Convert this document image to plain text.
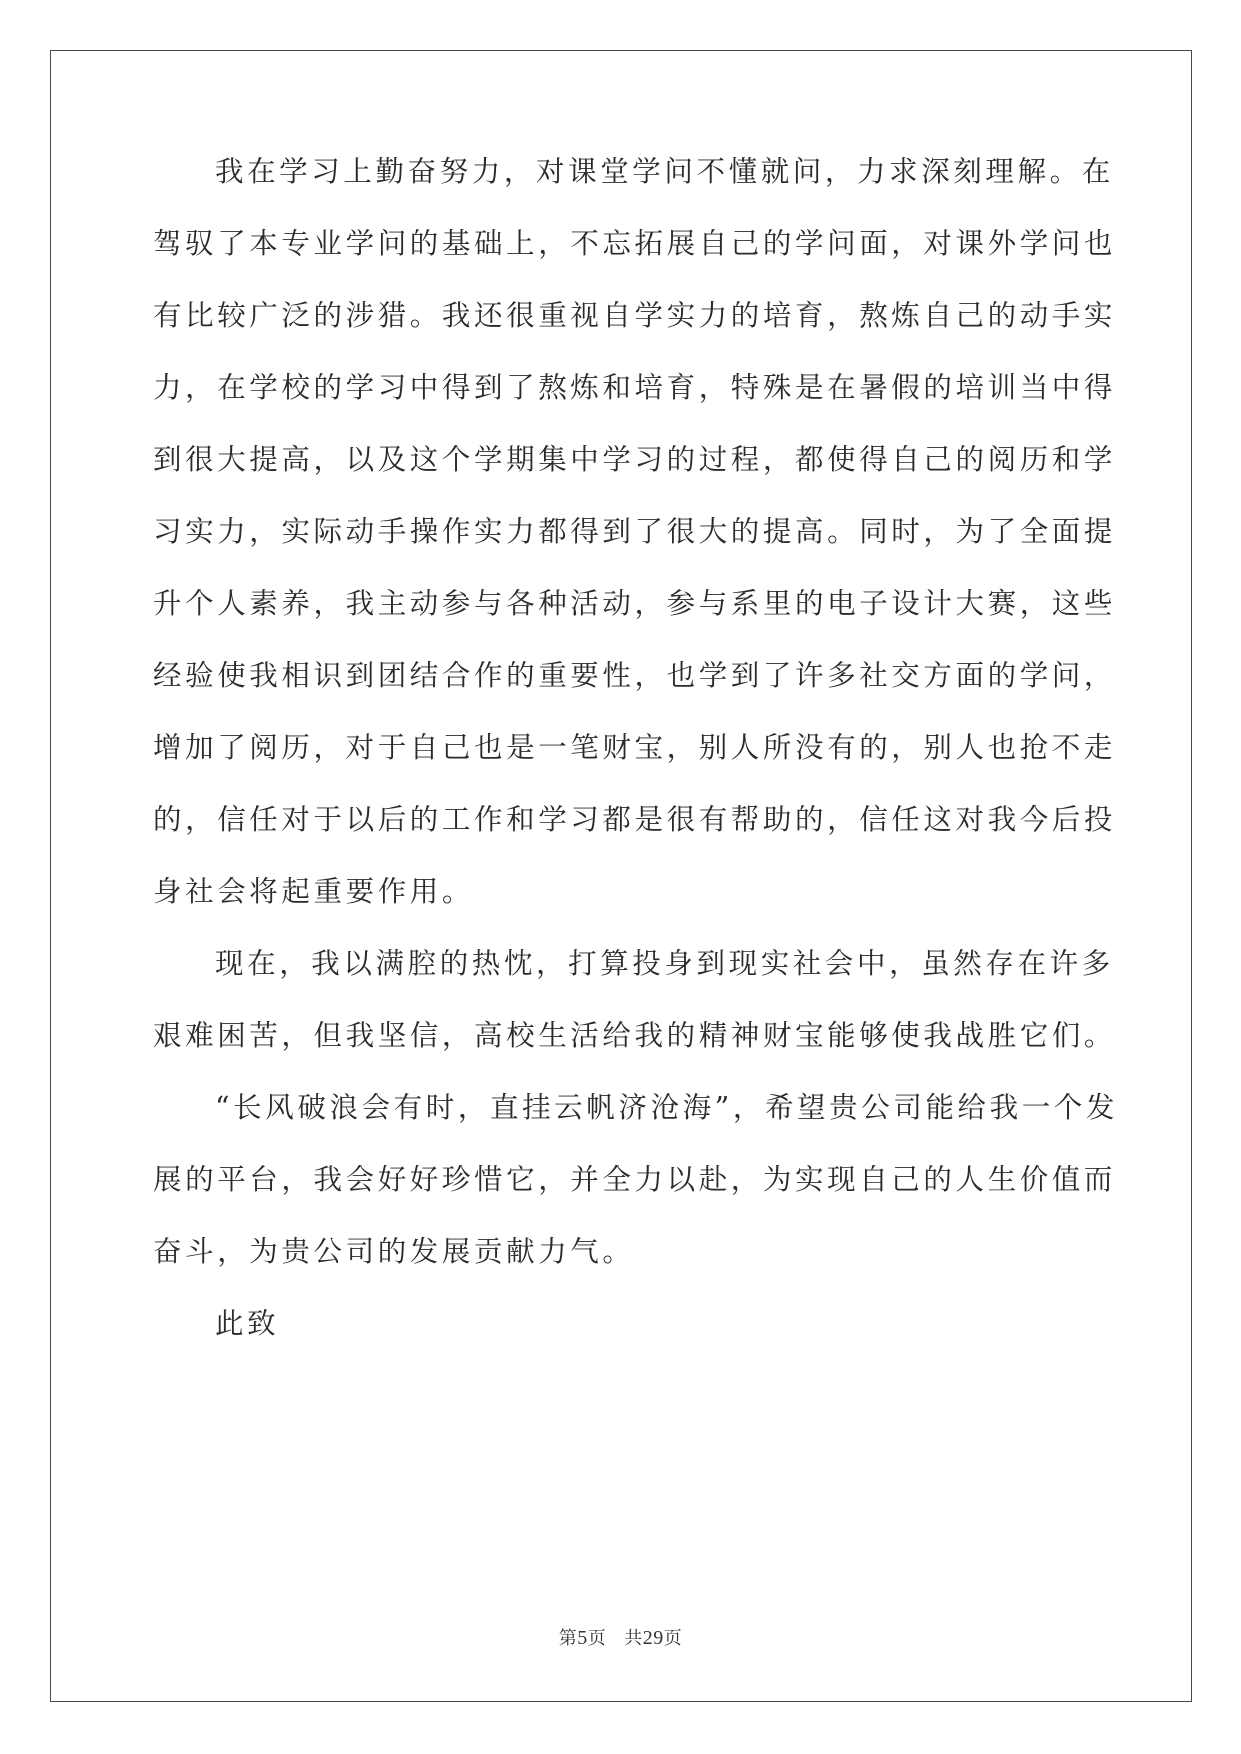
我在学习上勤奋努力，对课堂学问不懂就问，力求深刻理解。在
驾驭了本专业学问的基础上，不忘拓展自己的学问面，对课外学问也
有比较广泛的涉猎。我还很重视自学实力的培育，熬炼自己的动手实
力，在学校的学习中得到了熬炼和培育，特殊是在暑假的培训当中得
到很大提高，以及这个学期集中学习的过程，都使得自己的阅历和学
习实力，实际动手操作实力都得到了很大的提高。同时，为了全面提
升个人素养，我主动参与各种活动，参与系里的电子设计大赛，这些
经验使我相识到团结合作的重要性，也学到了许多社交方面的学问，
增加了阅历，对于自己也是一笔财宝，别人所没有的，别人也抢不走
的，信任对于以后的工作和学习都是很有帮助的，信任这对我今后投
身社会将起重要作用。
现在，我以满腔的热忱，打算投身到现实社会中，虽然存在许多
艰难困苦，但我坚信，高校生活给我的精神财宝能够使我战胜它们。
“长风破浪会有时，直挂云帆济沧海”，希望贵公司能给我一个发
展的平台，我会好好珍惜它，并全力以赴，为实现自己的人生价值而
奋斗，为贵公司的发展贡献力气。
此致
第5页 共29页
